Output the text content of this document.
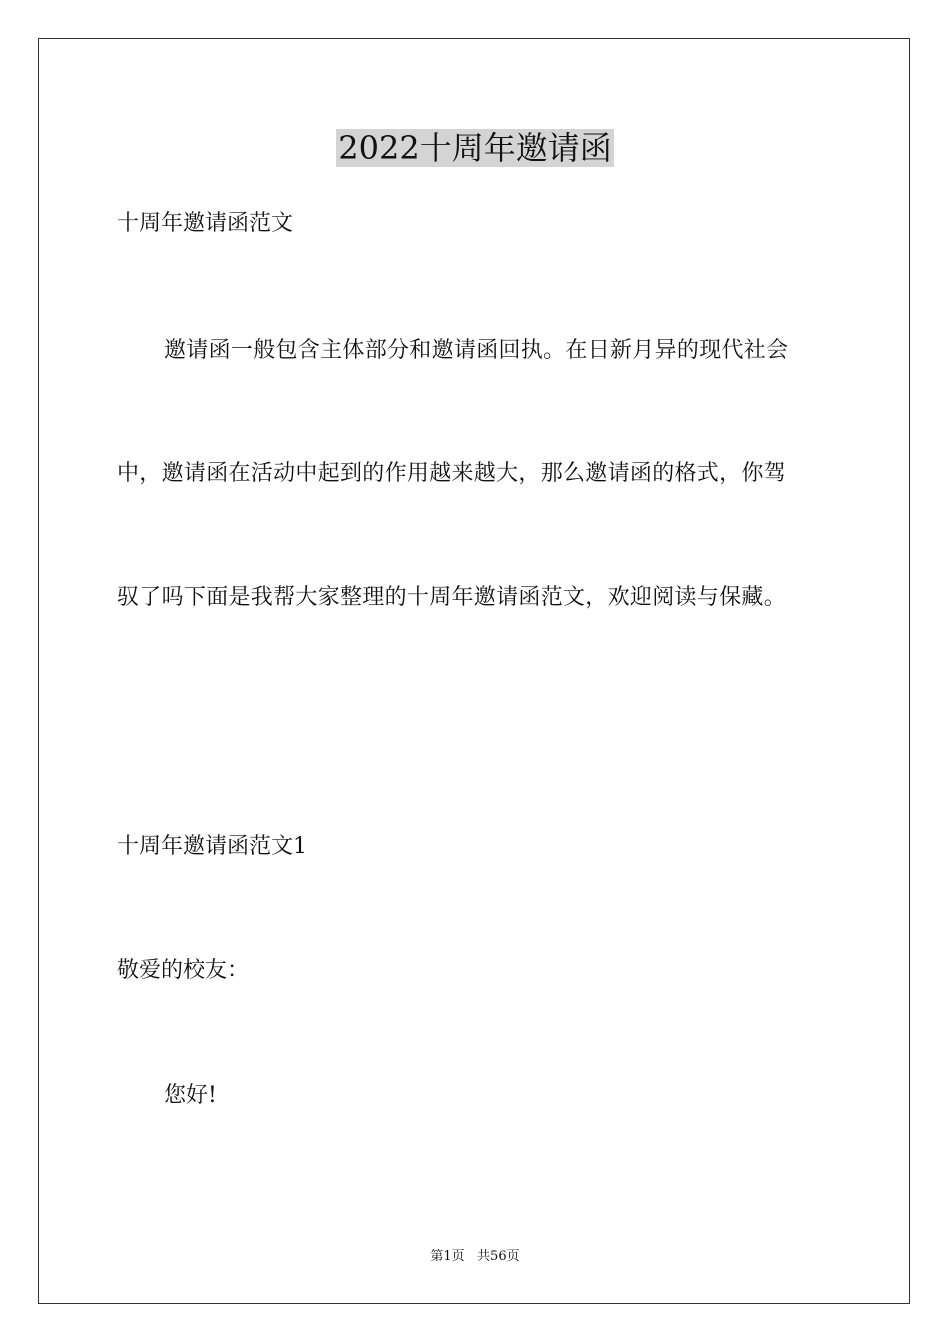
2022十周年邀请函
十周年邀请函范文
邀请函一般包含主体部分和邀请函回执。在日新月异的现代社会
中，邀请函在活动中起到的作用越来越大，那么邀请函的格式，你驾
驭了吗下面是我帮大家整理的十周年邀请函范文，欢迎阅读与保藏。
十周年邀请函范文1
敬爱的校友：
您好!
第1页   共56页
